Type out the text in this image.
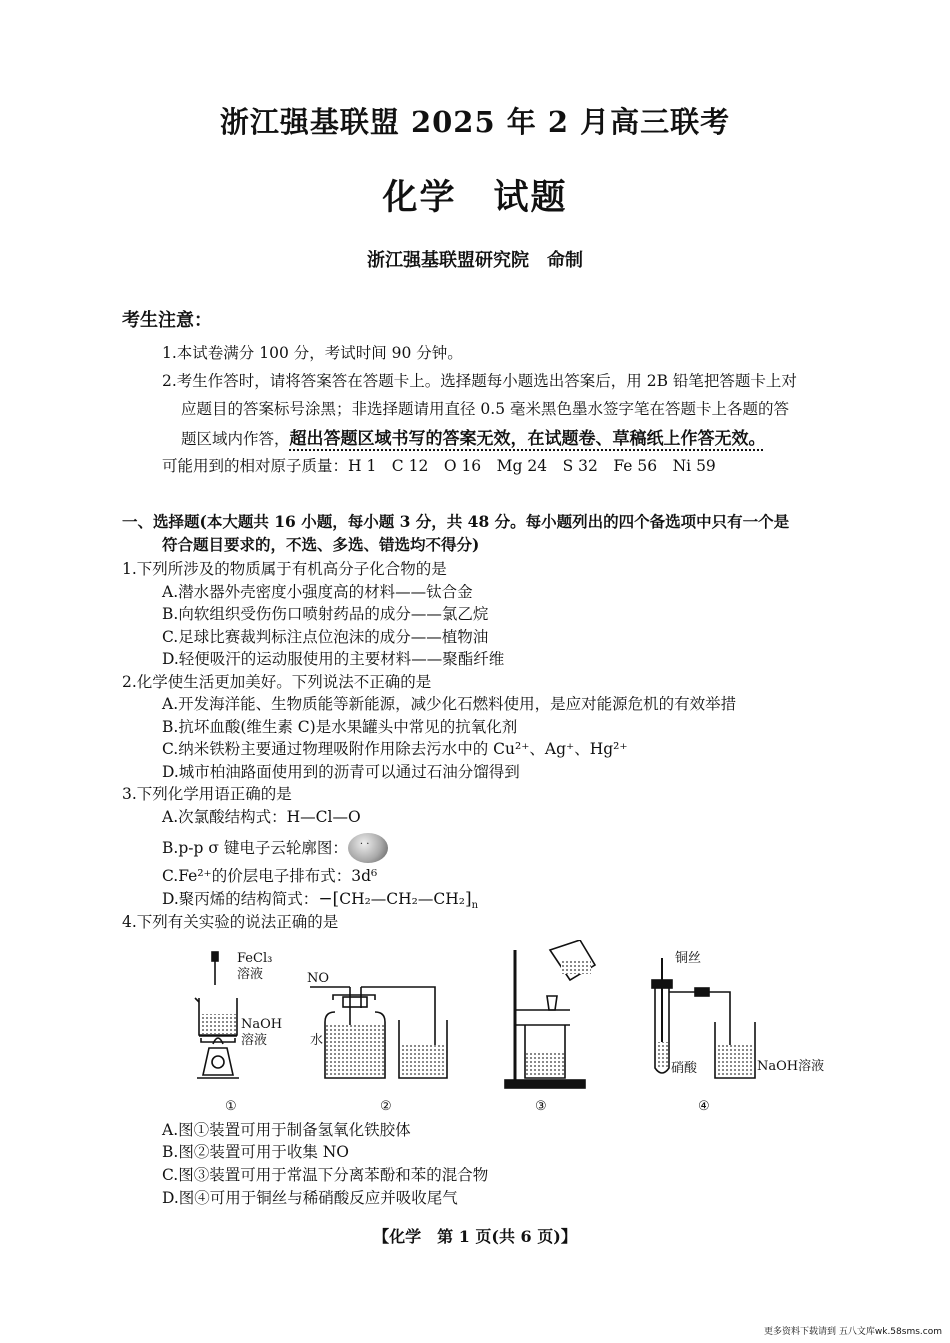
浙江强基联盟 2025 年 2 月高三联考
化学　试题
浙江强基联盟研究院　命制
考生注意：
1.本试卷满分 100 分，考试时间 90 分钟。
2.考生作答时，请将答案答在答题卡上。选择题每小题选出答案后，用 2B 铅笔把答题卡上对
应题目的答案标号涂黑；非选择题请用直径 0.5 毫米黑色墨水签字笔在答题卡上各题的答
题区域内作答，超出答题区域书写的答案无效，在试题卷、草稿纸上作答无效。
可能用到的相对原子质量：H 1　C 12　O 16　Mg 24　S 32　Fe 56　Ni 59
一、选择题(本大题共 16 小题，每小题 3 分，共 48 分。每小题列出的四个备选项中只有一个是
符合题目要求的，不选、多选、错选均不得分)
1.下列所涉及的物质属于有机高分子化合物的是
A.潜水器外壳密度小强度高的材料——钛合金
B.向软组织受伤伤口喷射药品的成分——氯乙烷
C.足球比赛裁判标注点位泡沫的成分——植物油
D.轻便吸汗的运动服使用的主要材料——聚酯纤维
2.化学使生活更加美好。下列说法不正确的是
A.开发海洋能、生物质能等新能源，减少化石燃料使用，是应对能源危机的有效举措
B.抗坏血酸(维生素 C)是水果罐头中常见的抗氧化剂
C.纳米铁粉主要通过物理吸附作用除去污水中的 Cu²⁺、Ag⁺、Hg²⁺
D.城市柏油路面使用到的沥青可以通过石油分馏得到
3.下列化学用语正确的是
A.次氯酸结构式：H—Cl—O
B.p-p σ 键电子云轮廓图：· ·
C.Fe²⁺的价层电子排布式：3d⁶
D.聚丙烯的结构简式：$-[CH_2—CH_2—CH_2]_n$
4.下列有关实验的说法正确的是
FeCl₃
溶液
NaOH
溶液
NO
水
铜丝
硝酸	NaOH溶液
①	②	③	④
A.图①装置可用于制备氢氧化铁胶体
B.图②装置可用于收集 NO
C.图③装置可用于常温下分离苯酚和苯的混合物
D.图④可用于铜丝与稀硝酸反应并吸收尾气
【化学　第 1 页(共 6 页)】
更多资料下载请到 五八文库wk.58sms.com
